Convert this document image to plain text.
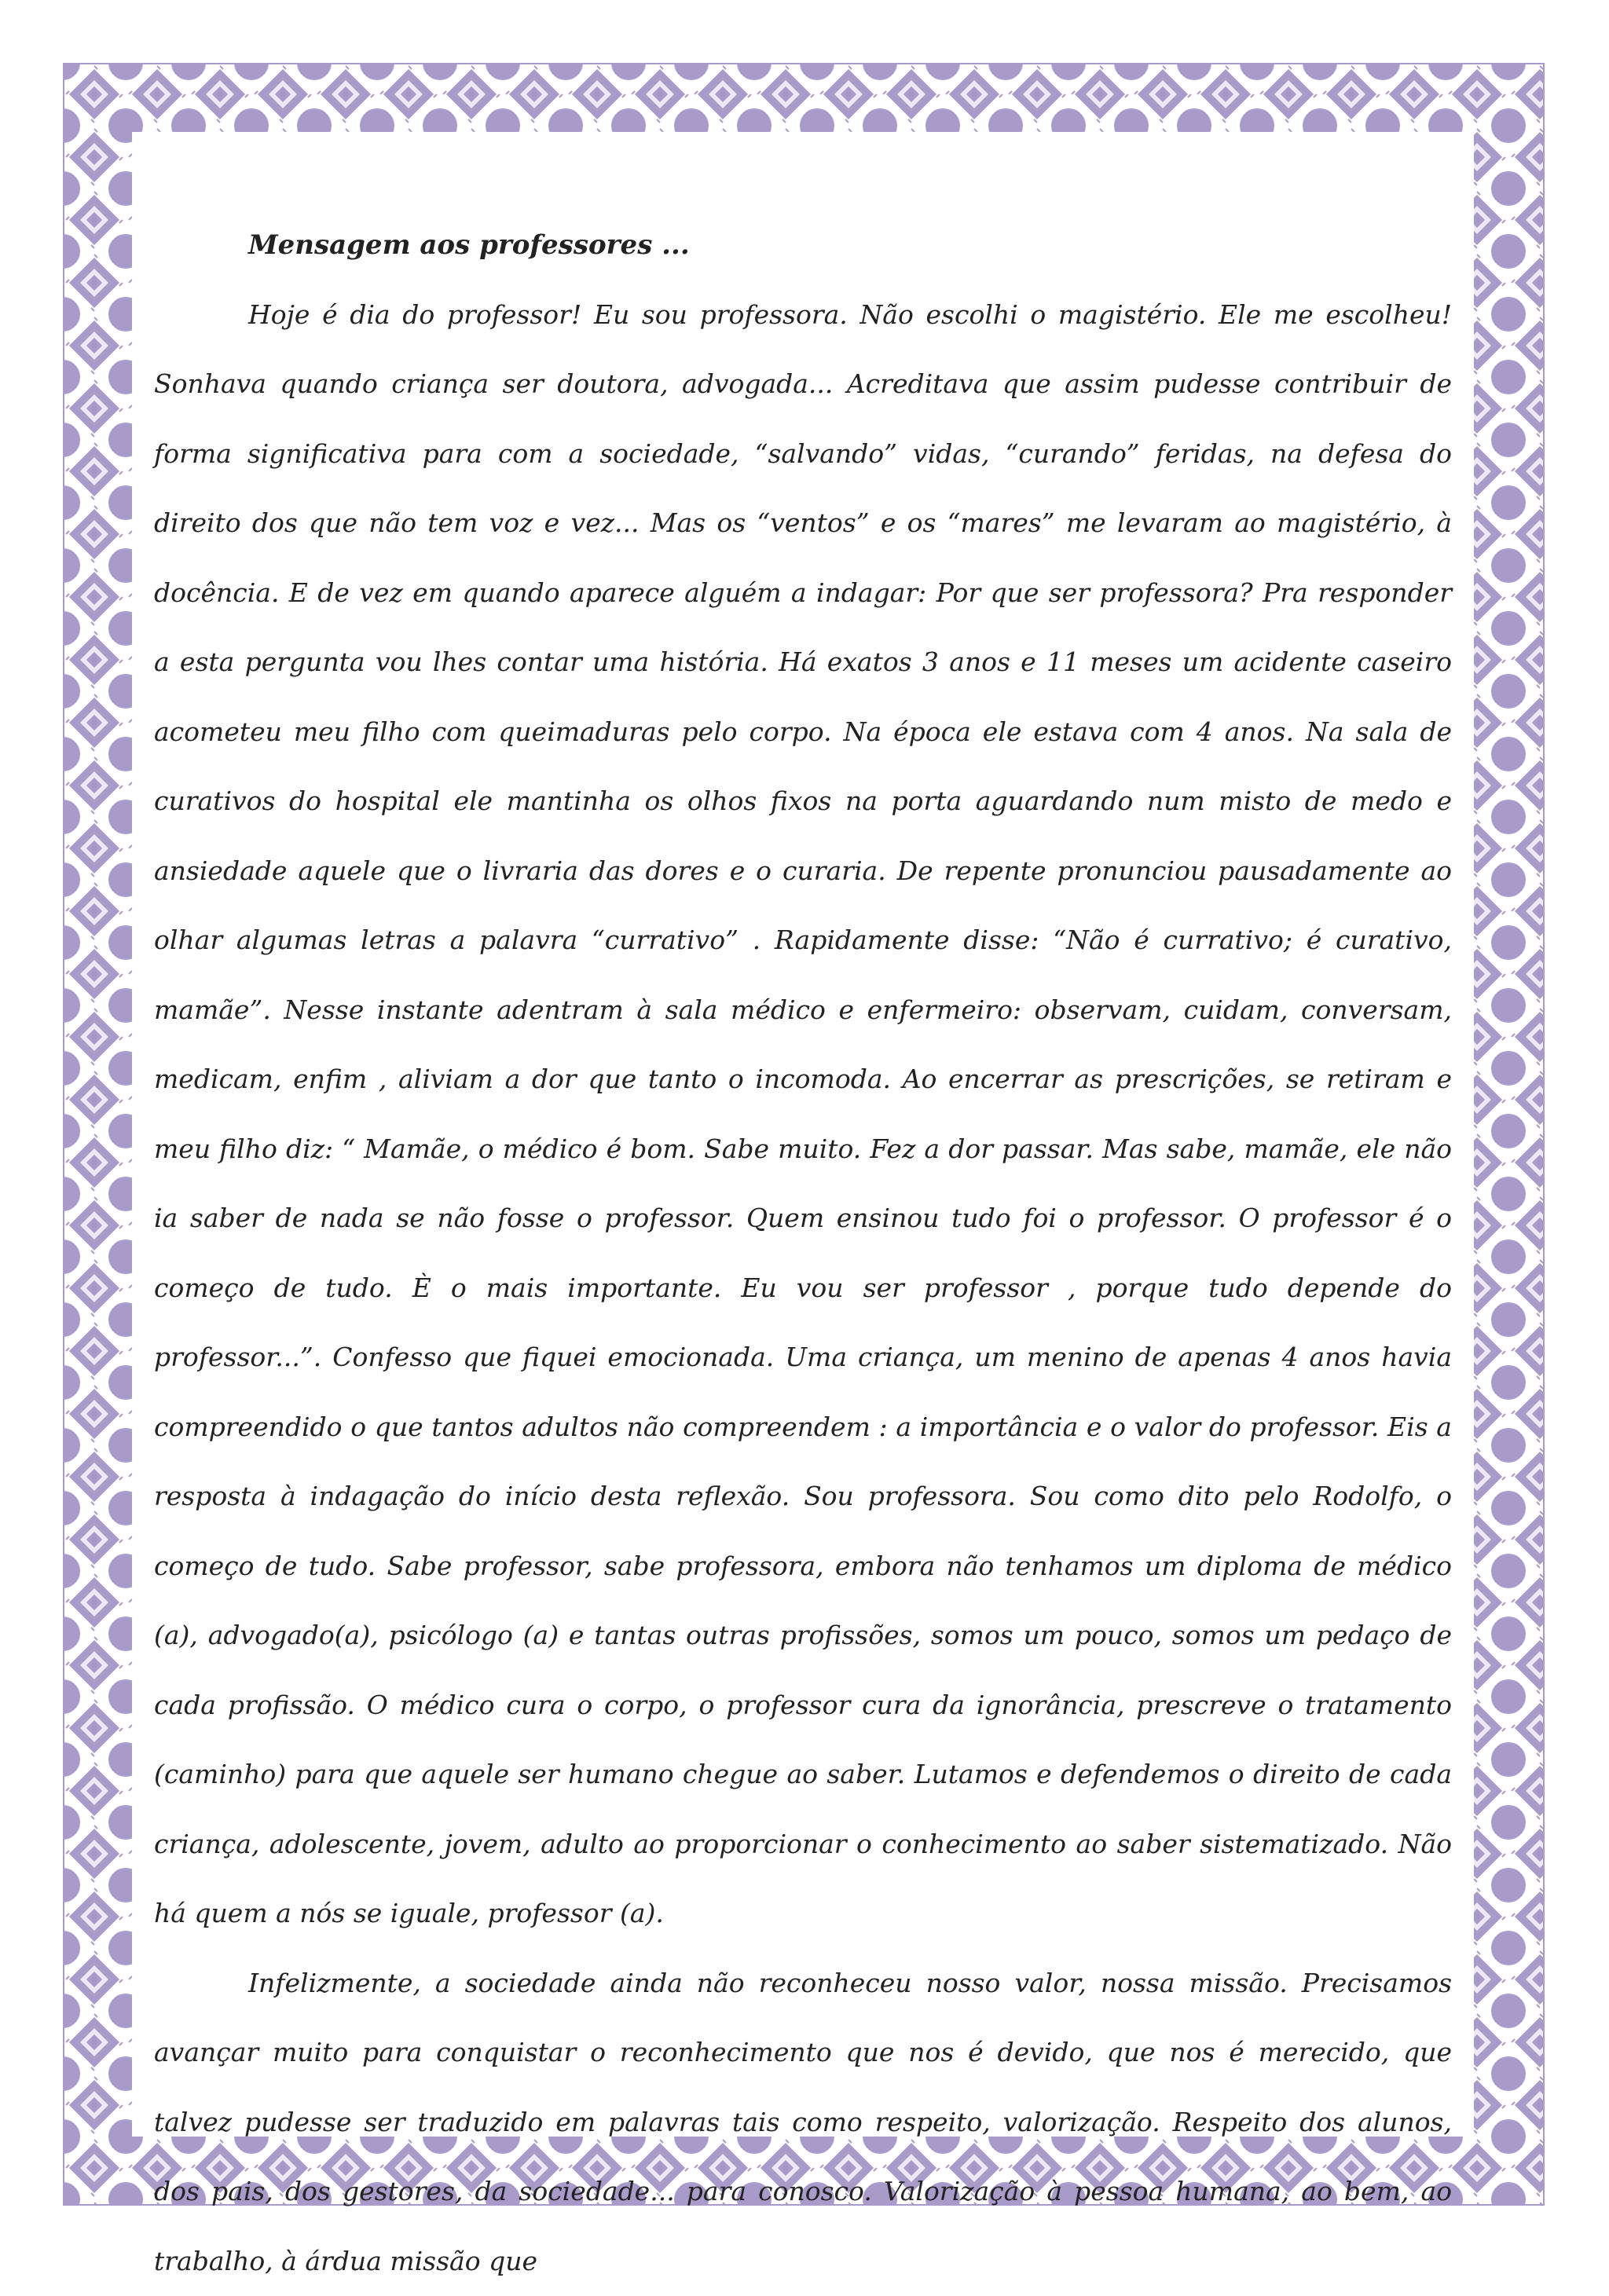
Mensagem aos professores ...

Hoje é dia do professor! Eu sou professora. Não escolhi o magistério. Ele me escolheu! Sonhava quando criança ser doutora, advogada... Acreditava que assim pudesse contribuir de forma significativa para com a sociedade, “salvando” vidas, “curando” feridas, na defesa do direito dos que não tem voz e vez... Mas os “ventos” e os “mares” me levaram ao magistério, à docência. E de vez em quando aparece alguém a indagar: Por que ser professora? Pra responder a esta pergunta vou lhes contar uma história. Há exatos 3 anos e 11 meses um acidente caseiro acometeu meu filho com queimaduras pelo corpo. Na época ele estava com 4 anos. Na sala de curativos do hospital ele mantinha os olhos fixos na porta aguardando num misto de medo e ansiedade aquele que o livraria das dores e o curaria. De repente pronunciou pausadamente ao olhar algumas letras a palavra “currativo” . Rapidamente disse: “Não é currativo; é curativo, mamãe”. Nesse instante adentram à sala médico e enfermeiro: observam, cuidam, conversam, medicam, enfim , aliviam a dor que tanto o incomoda. Ao encerrar as prescrições, se retiram e meu filho diz: “ Mamãe, o médico é bom. Sabe muito. Fez a dor passar. Mas sabe, mamãe, ele não ia saber de nada se não fosse o professor. Quem ensinou tudo foi o professor. O professor é o começo de tudo. È o mais importante. Eu vou ser professor , porque tudo depende do professor...”. Confesso que fiquei emocionada. Uma criança, um menino de apenas 4 anos havia compreendido o que tantos adultos não compreendem : a importância e o valor do professor. Eis a resposta à indagação do início desta reflexão. Sou professora. Sou como dito pelo Rodolfo, o começo de tudo. Sabe professor, sabe professora, embora não tenhamos um diploma de médico (a), advogado(a), psicólogo (a) e tantas outras profissões, somos um pouco, somos um pedaço de cada profissão. O médico cura o corpo, o professor cura da ignorância, prescreve o tratamento (caminho) para que aquele ser humano chegue ao saber. Lutamos e defendemos o direito de cada criança, adolescente, jovem, adulto ao proporcionar o conhecimento ao saber sistematizado. Não há quem a nós se iguale, professor (a).

Infelizmente, a sociedade ainda não reconheceu nosso valor, nossa missão. Precisamos avançar muito para conquistar o reconhecimento que nos é devido, que nos é merecido, que talvez pudesse ser traduzido em palavras tais como respeito, valorização. Respeito dos alunos, dos pais, dos gestores, da sociedade... para conosco. Valorização à pessoa humana, ao bem, ao trabalho, à árdua missão que
